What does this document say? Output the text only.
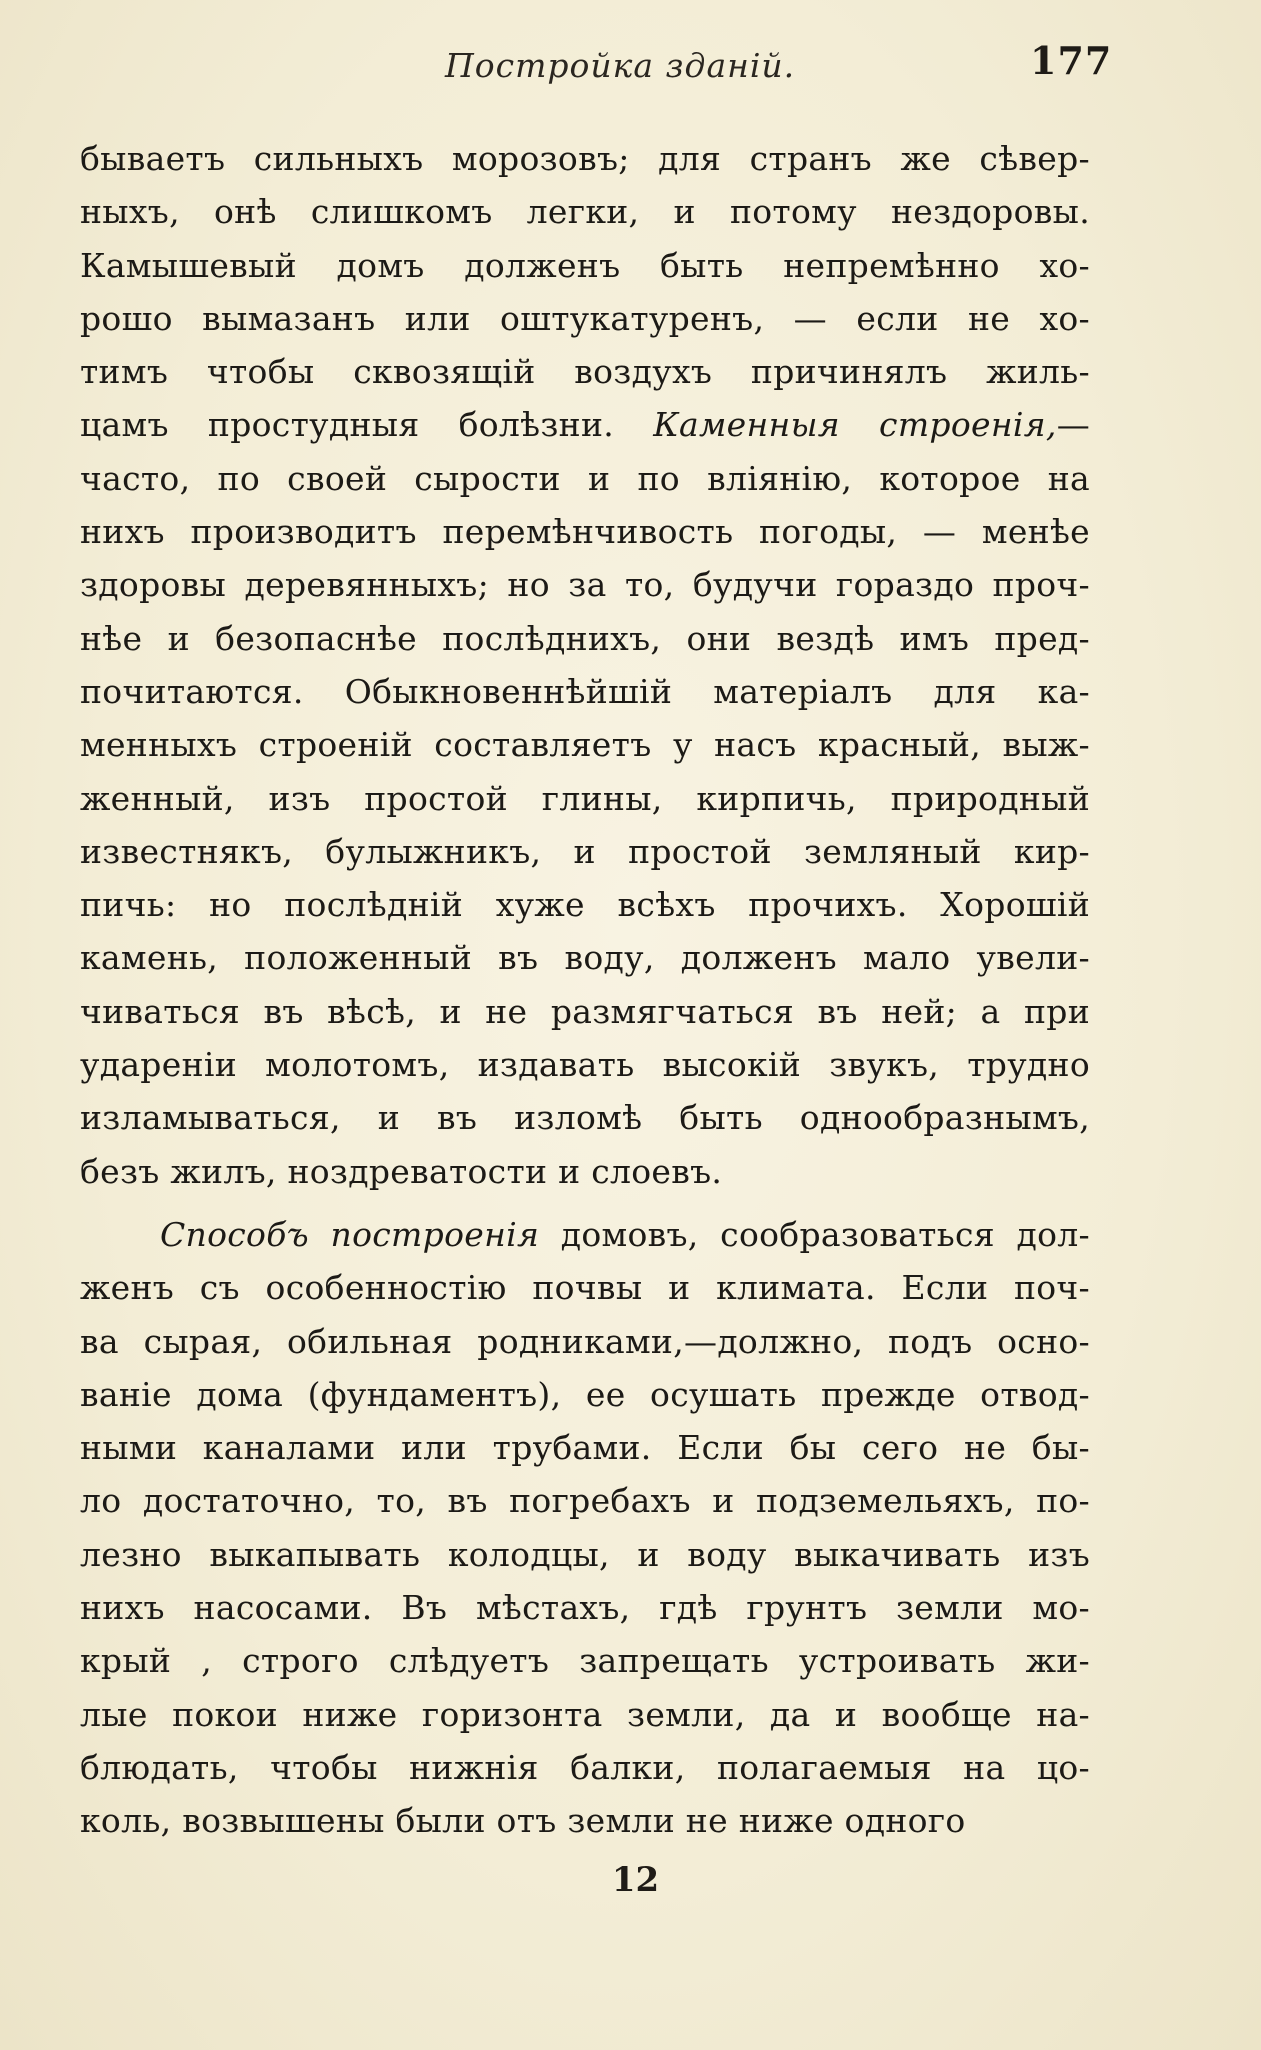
Постройка зданій.	177
бываетъ сильныхъ морозовъ; для странъ же сѣвер-
ныхъ, онѣ слишкомъ легки, и потому нездоровы.
Камышевый домъ долженъ быть непремѣнно хо-
рошо вымазанъ или оштукатуренъ, — если не хо-
тимъ чтобы сквозящій воздухъ причинялъ жиль-
цамъ простудныя болѣзни. Каменныя строенія,—
часто, по своей сырости и по вліянію, которое на
нихъ производитъ перемѣнчивость погоды, — менѣе
здоровы деревянныхъ; но за то, будучи гораздо проч-
нѣе и безопаснѣе послѣднихъ, они вездѣ имъ пред-
почитаются. Обыкновеннѣйшій матеріалъ для ка-
менныхъ строеній составляетъ у насъ красный, выж-
женный, изъ простой глины, кирпичь, природный
известнякъ, булыжникъ, и простой земляный кир-
пичь: но послѣдній хуже всѣхъ прочихъ. Хорошій
камень, положенный въ воду, долженъ мало увели-
чиваться въ вѣсѣ, и не размягчаться въ ней; а при
удареніи молотомъ, издавать высокій звукъ, трудно
изламываться, и въ изломѣ быть однообразнымъ,
безъ жилъ, ноздреватости и слоевъ.
Способъ построенія домовъ, сообразоваться дол-
женъ съ особенностію почвы и климата. Если поч-
ва сырая, обильная родниками,—должно, подъ осно-
ваніе дома (фундаментъ), ее осушать прежде отвод-
ными каналами или трубами. Если бы сего не бы-
ло достаточно, то, въ погребахъ и подземельяхъ, по-
лезно выкапывать колодцы, и воду выкачивать изъ
нихъ насосами. Въ мѣстахъ, гдѣ грунтъ земли мо-
крый , строго слѣдуетъ запрещать устроивать жи-
лые покои ниже горизонта земли, да и вообще на-
блюдать, чтобы нижнія балки, полагаемыя на цо-
коль, возвышены были отъ земли не ниже одного
12
